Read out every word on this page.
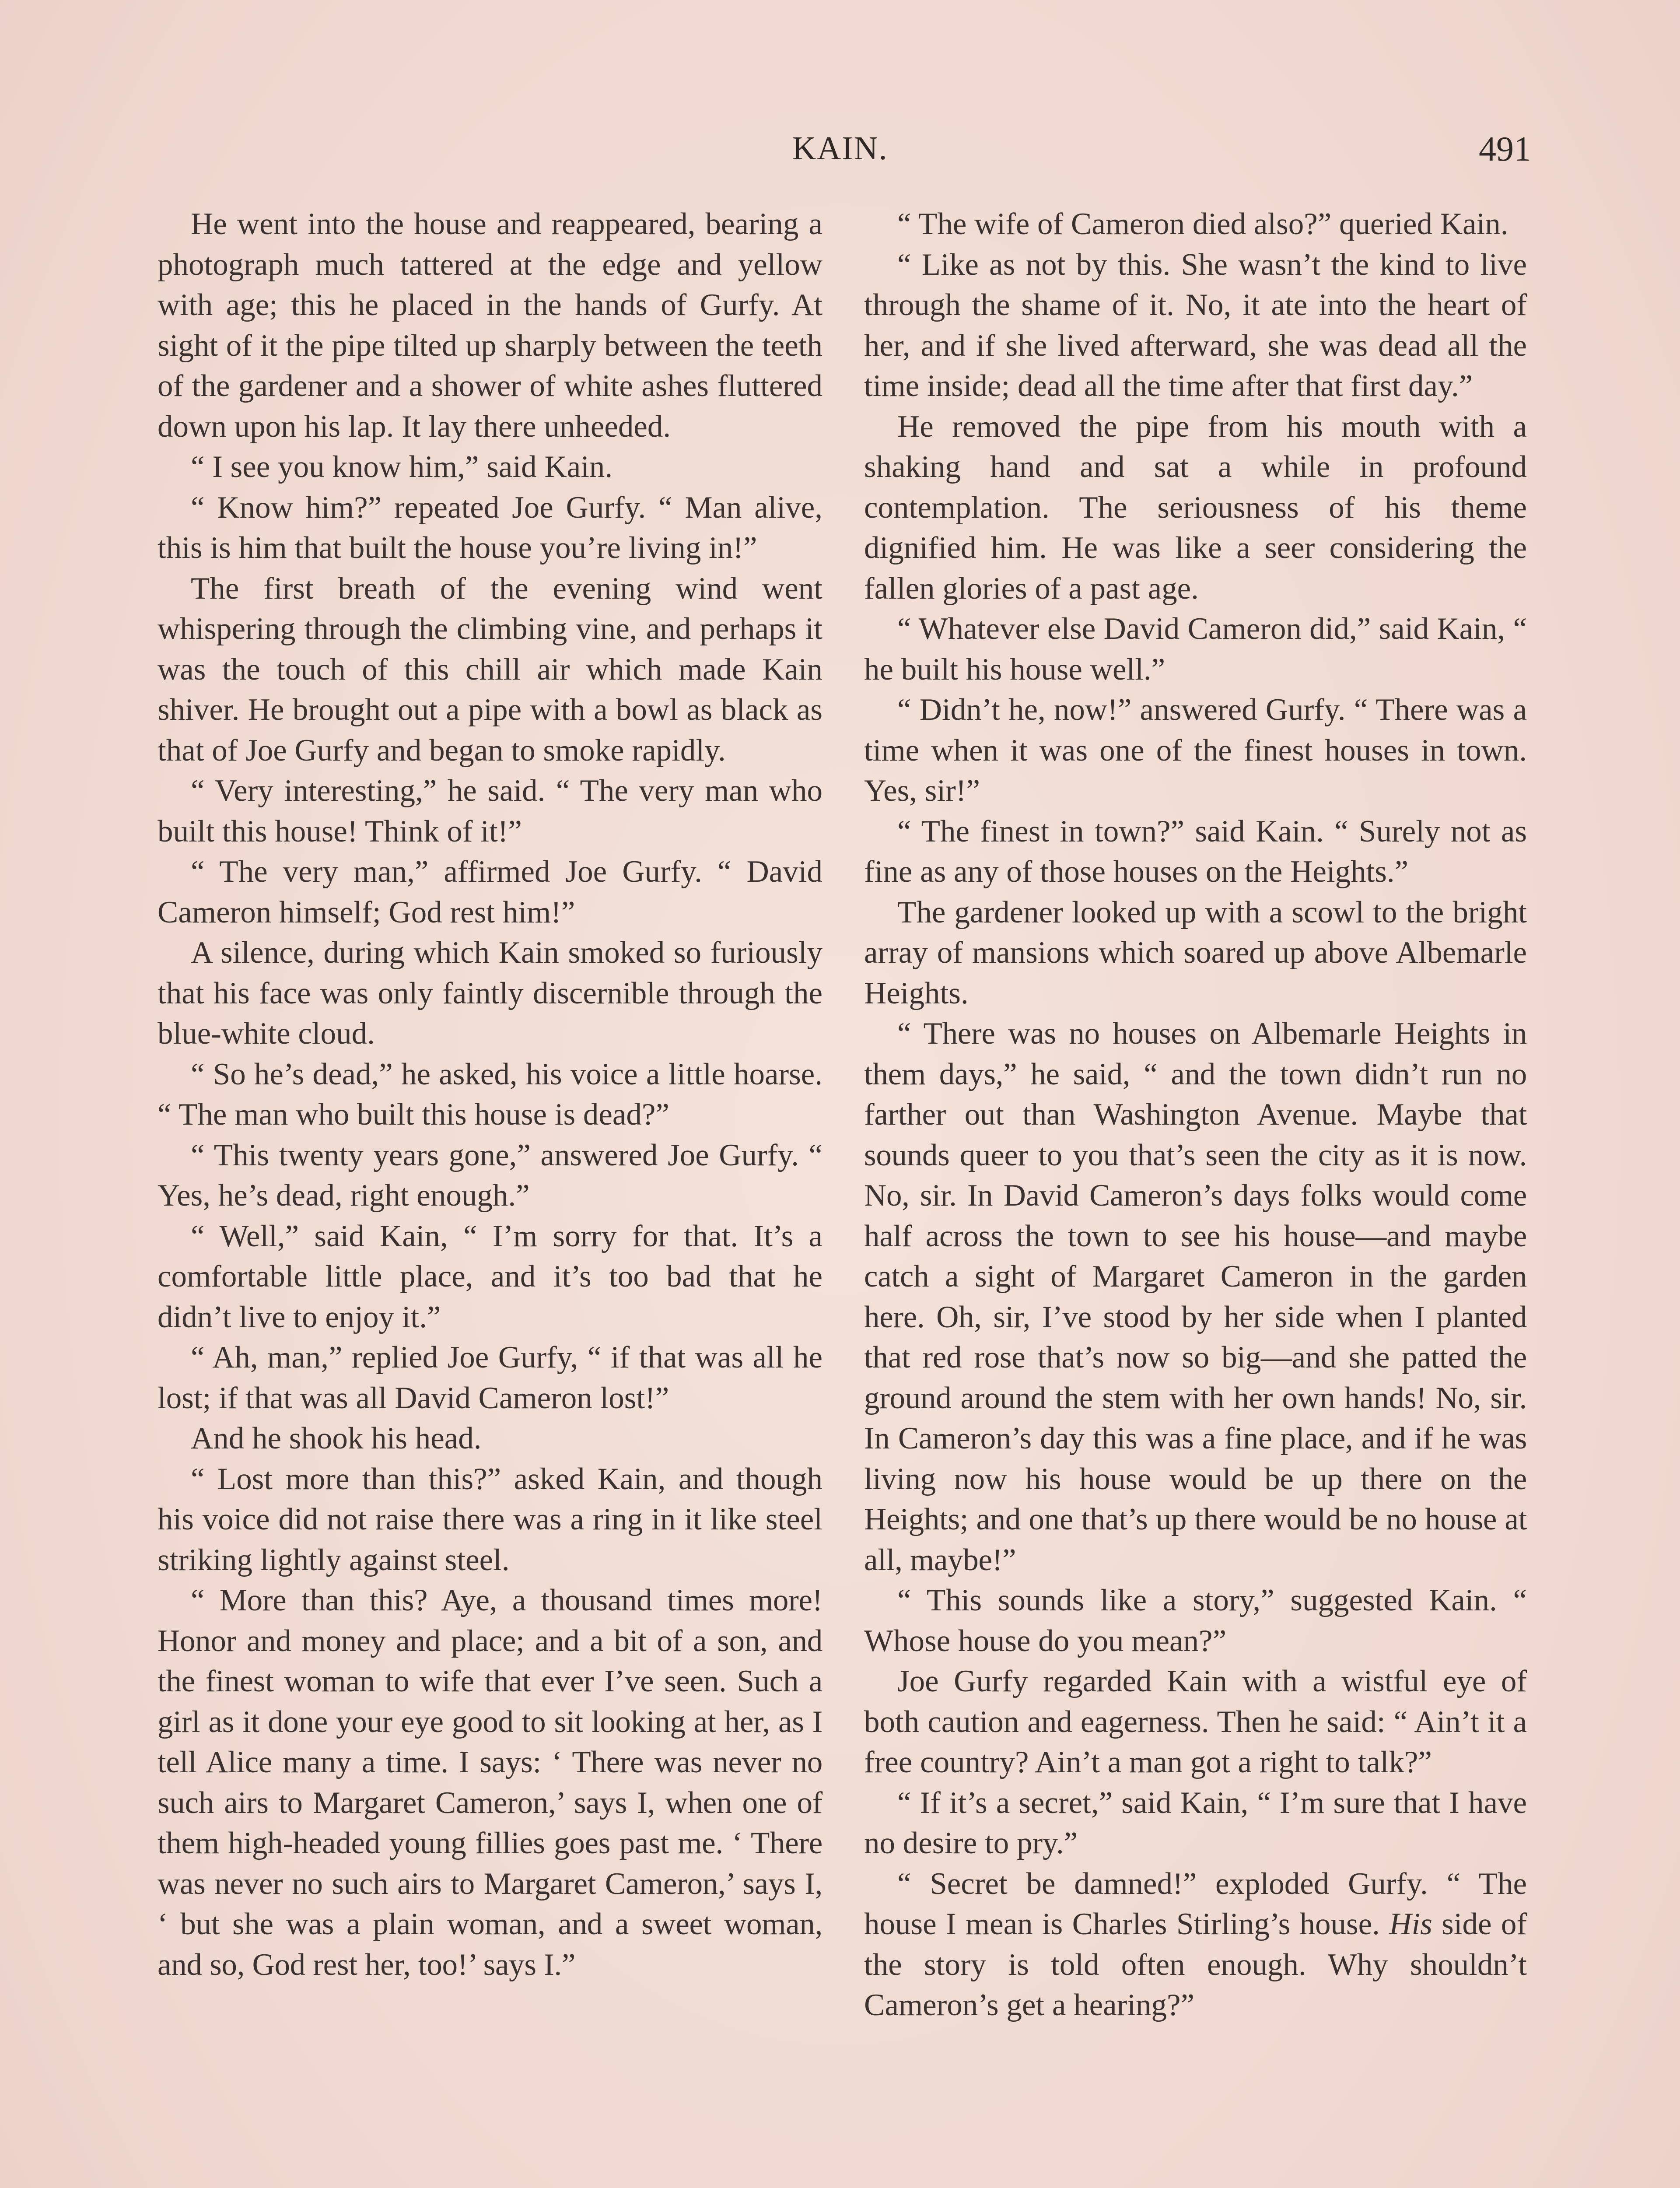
KAIN.	491

He went into the house and reappeared, bearing a photograph much tattered at the edge and yellow with age; this he placed in the hands of Gurfy. At sight of it the pipe tilted up sharply between the teeth of the gardener and a shower of white ashes fluttered down upon his lap. It lay there unheeded.

“ I see you know him,” said Kain.

“ Know him?” repeated Joe Gurfy. “ Man alive, this is him that built the house you’re living in!”

The first breath of the evening wind went whispering through the climbing vine, and perhaps it was the touch of this chill air which made Kain shiver. He brought out a pipe with a bowl as black as that of Joe Gurfy and began to smoke rapidly.

“ Very interesting,” he said. “ The very man who built this house! Think of it!”

“ The very man,” affirmed Joe Gurfy. “ David Cameron himself; God rest him!”

A silence, during which Kain smoked so furiously that his face was only faintly discernible through the blue-white cloud.

“ So he’s dead,” he asked, his voice a little hoarse. “ The man who built this house is dead?”

“ This twenty years gone,” answered Joe Gurfy. “ Yes, he’s dead, right enough.”

“ Well,” said Kain, “ I’m sorry for that. It’s a comfortable little place, and it’s too bad that he didn’t live to enjoy it.”

“ Ah, man,” replied Joe Gurfy, “ if that was all he lost; if that was all David Cameron lost!”

And he shook his head.

“ Lost more than this?” asked Kain, and though his voice did not raise there was a ring in it like steel striking lightly against steel.

“ More than this? Aye, a thousand times more! Honor and money and place; and a bit of a son, and the finest woman to wife that ever I’ve seen. Such a girl as it done your eye good to sit looking at her, as I tell Alice many a time. I says: ‘ There was never no such airs to Margaret Cameron,’ says I, when one of them high-headed young fillies goes past me. ‘ There was never no such airs to Margaret Cameron,’ says I, ‘ but she was a plain woman, and a sweet woman, and so, God rest her, too!’ says I.”

“ The wife of Cameron died also?” queried Kain.

“ Like as not by this. She wasn’t the kind to live through the shame of it. No, it ate into the heart of her, and if she lived afterward, she was dead all the time inside; dead all the time after that first day.”

He removed the pipe from his mouth with a shaking hand and sat a while in profound contemplation. The seriousness of his theme dignified him. He was like a seer considering the fallen glories of a past age.

“ Whatever else David Cameron did,” said Kain, “ he built his house well.”

“ Didn’t he, now!” answered Gurfy. “ There was a time when it was one of the finest houses in town. Yes, sir!”

“ The finest in town?” said Kain. “ Surely not as fine as any of those houses on the Heights.”

The gardener looked up with a scowl to the bright array of mansions which soared up above Albemarle Heights.

“ There was no houses on Albemarle Heights in them days,” he said, “ and the town didn’t run no farther out than Washington Avenue. Maybe that sounds queer to you that’s seen the city as it is now. No, sir. In David Cameron’s days folks would come half across the town to see his house—and maybe catch a sight of Margaret Cameron in the garden here. Oh, sir, I’ve stood by her side when I planted that red rose that’s now so big—and she patted the ground around the stem with her own hands! No, sir. In Cameron’s day this was a fine place, and if he was living now his house would be up there on the Heights; and one that’s up there would be no house at all, maybe!”

“ This sounds like a story,” suggested Kain. “ Whose house do you mean?”

Joe Gurfy regarded Kain with a wistful eye of both caution and eagerness. Then he said: “ Ain’t it a free country? Ain’t a man got a right to talk?”

“ If it’s a secret,” said Kain, “ I’m sure that I have no desire to pry.”

“ Secret be damned!” exploded Gurfy. “ The house I mean is Charles Stirling’s house. His side of the story is told often enough. Why shouldn’t Cameron’s get a hearing?”
